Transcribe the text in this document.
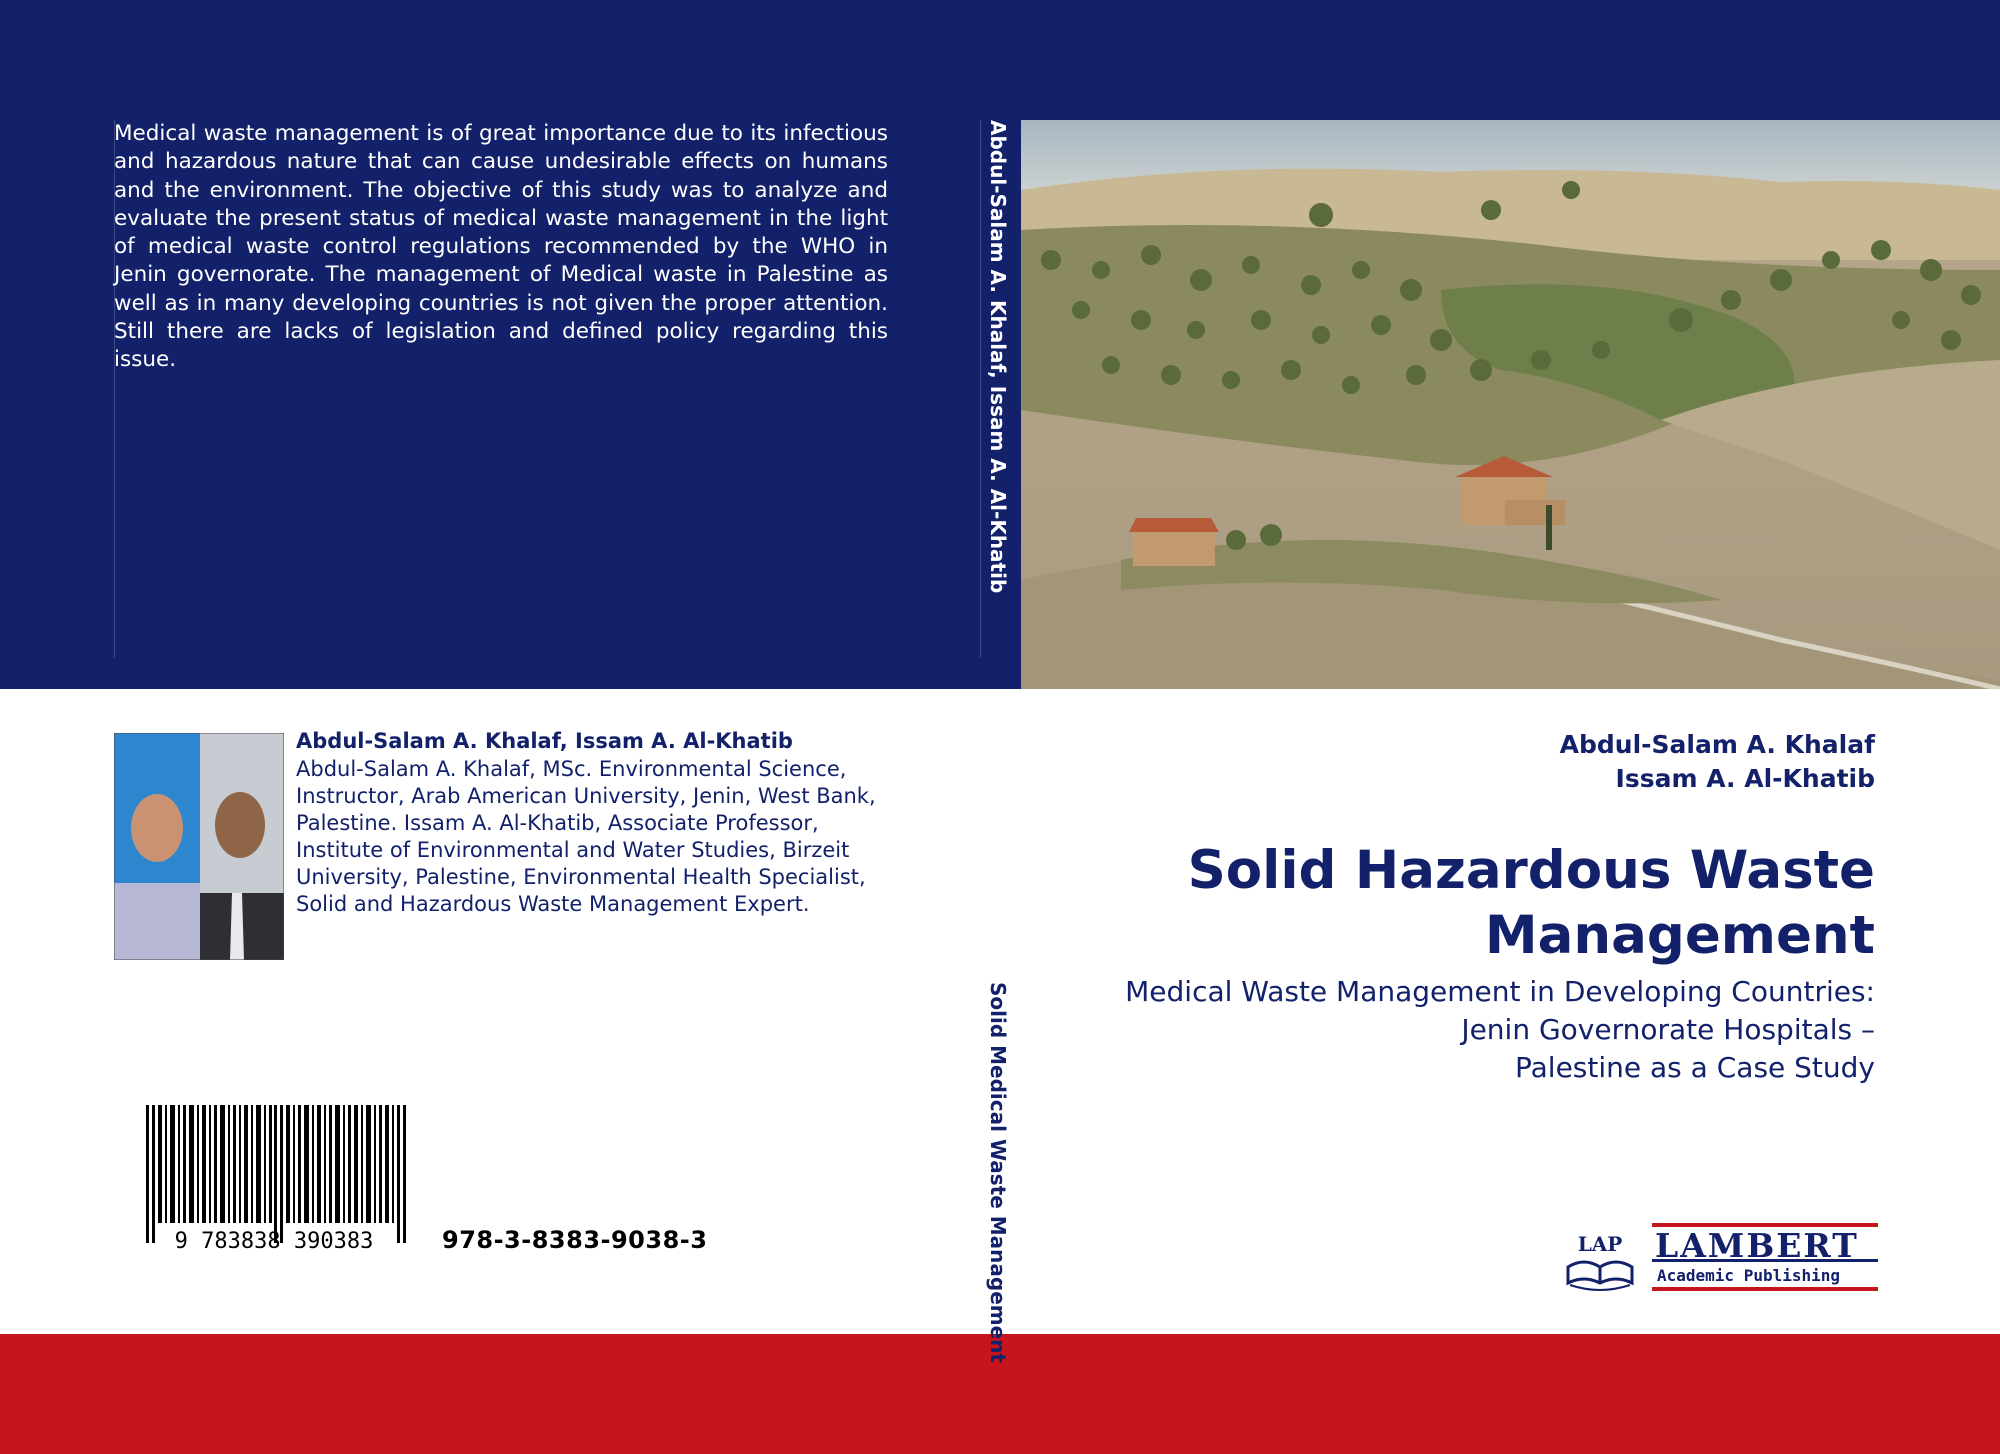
Medical waste management is of great importance due to its infectious and hazardous nature that can cause undesirable effects on humans and the environment. The objective of this study was to analyze and evaluate the present status of medical waste management in the light of medical waste control regulations recommended by the WHO in Jenin governorate. The management of Medical waste in Palestine as well as in many developing countries is not given the proper attention. Still there are lacks of legislation and defined policy regarding this issue.	Abdul-Salam A. Khalaf, Issam A. Al-Khatib
Abdul-Salam A. Khalaf, Issam A. Al-Khatib
Abdul-Salam A. Khalaf, MSc. Environmental Science, Instructor, Arab American University, Jenin, West Bank, Palestine. Issam A. Al-Khatib, Associate Professor, Institute of Environmental and Water Studies, Birzeit University, Palestine, Environmental Health Specialist, Solid and Hazardous Waste Management Expert.
9 783838 390383	978-3-8383-9038-3	Solid Medical Waste Management
Abdul-Salam A. Khalaf
Issam A. Al-Khatib
Solid Hazardous Waste
Management
Medical Waste Management in Developing Countries:
Jenin Governorate Hospitals –
Palestine as a Case Study
LAP LAMBERT
Academic Publishing
